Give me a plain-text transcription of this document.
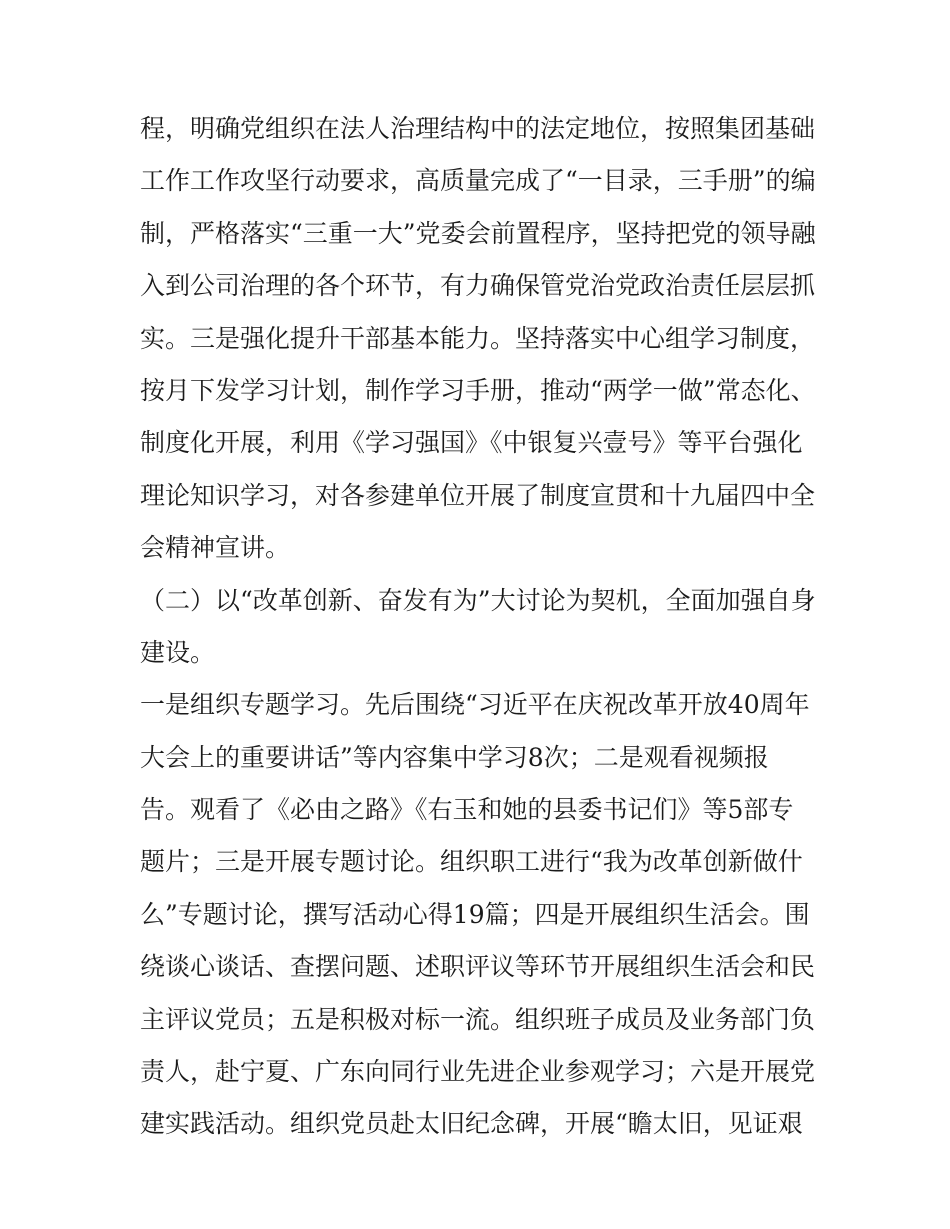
程，明确党组织在法人治理结构中的法定地位，按照集团基础
工作工作攻坚行动要求，高质量完成了“一目录，三手册”的编
制，严格落实“三重一大”党委会前置程序，坚持把党的领导融
入到公司治理的各个环节，有力确保管党治党政治责任层层抓
实。三是强化提升干部基本能力。坚持落实中心组学习制度，
按月下发学习计划，制作学习手册，推动“两学一做”常态化、
制度化开展，利用《学习强国》《中银复兴壹号》等平台强化
理论知识学习，对各参建单位开展了制度宣贯和十九届四中全
会精神宣讲。
（二）以“改革创新、奋发有为”大讨论为契机，全面加强自身
建设。
一是组织专题学习。先后围绕“习近平在庆祝改革开放40周年
大会上的重要讲话”等内容集中学习8次；二是观看视频报
告。观看了《必由之路》《右玉和她的县委书记们》等5部专
题片；三是开展专题讨论。组织职工进行“我为改革创新做什
么”专题讨论，撰写活动心得19篇；四是开展组织生活会。围
绕谈心谈话、查摆问题、述职评议等环节开展组织生活会和民
主评议党员；五是积极对标一流。组织班子成员及业务部门负
责人，赴宁夏、广东向同行业先进企业参观学习；六是开展党
建实践活动。组织党员赴太旧纪念碑，开展“瞻太旧，见证艰
